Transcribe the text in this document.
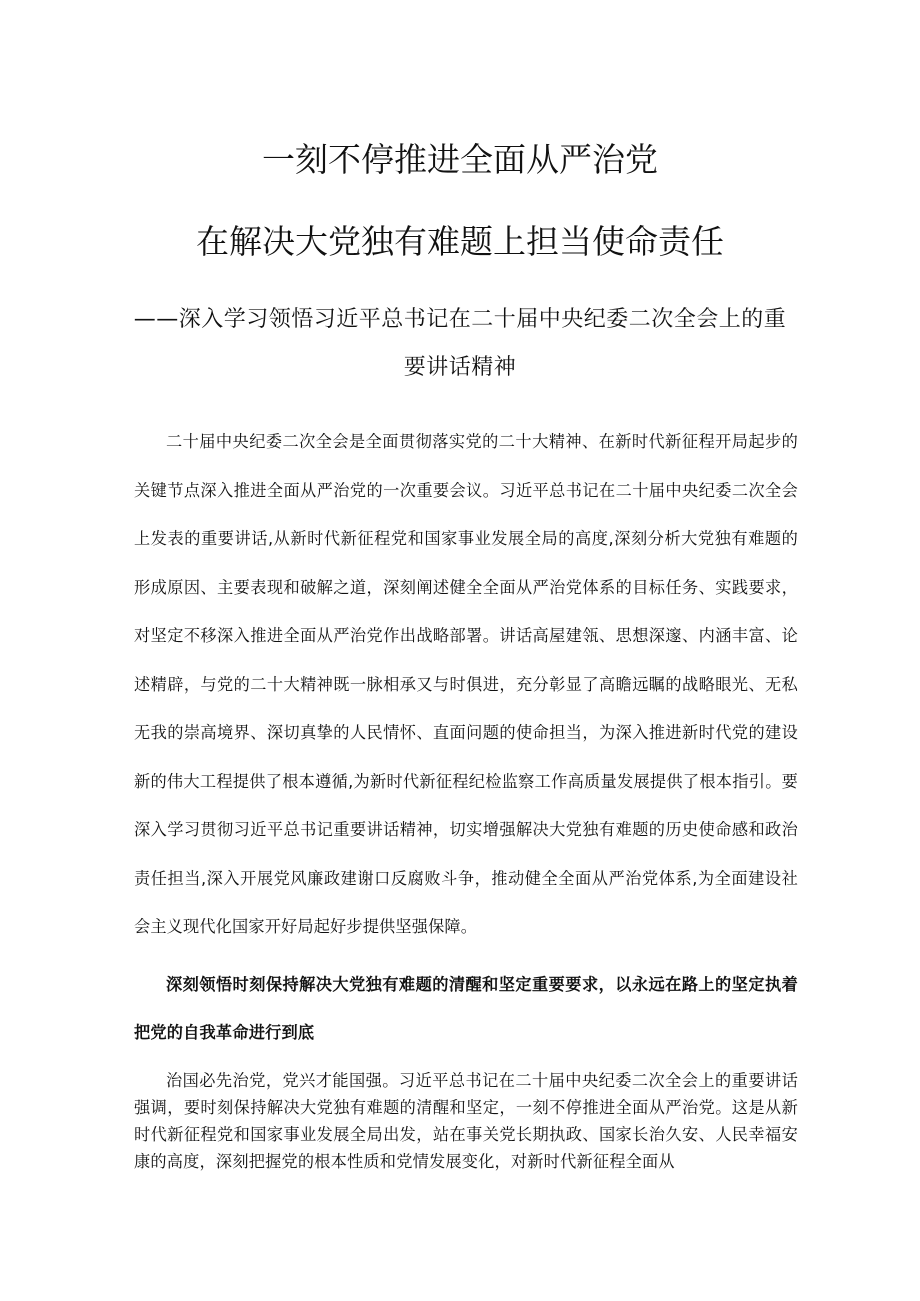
一刻不停推进全面从严治党
在解决大党独有难题上担当使命责任
——深入学习领悟习近平总书记在二十届中央纪委二次全会上的重要讲话精神

二十届中央纪委二次全会是全面贯彻落实党的二十大精神、在新时代新征程开局起步的关键节点深入推进全面从严治党的一次重要会议。习近平总书记在二十届中央纪委二次全会上发表的重要讲话,从新时代新征程党和国家事业发展全局的高度,深刻分析大党独有难题的形成原因、主要表现和破解之道，深刻阐述健全全面从严治党体系的目标任务、实践要求，对坚定不移深入推进全面从严治党作出战略部署。讲话高屋建瓴、思想深邃、内涵丰富、论述精辟，与党的二十大精神既一脉相承又与时俱进，充分彰显了高瞻远瞩的战略眼光、无私无我的崇高境界、深切真挚的人民情怀、直面问题的使命担当，为深入推进新时代党的建设新的伟大工程提供了根本遵循,为新时代新征程纪检监察工作高质量发展提供了根本指引。要深入学习贯彻习近平总书记重要讲话精神，切实增强解决大党独有难题的历史使命感和政治责任担当,深入开展党风廉政建谢口反腐败斗争，推动健全全面从严治党体系,为全面建设社会主义现代化国家开好局起好步提供坚强保障。

深刻领悟时刻保持解决大党独有难题的清醒和坚定重要要求，以永远在路上的坚定执着把党的自我革命进行到底

治国必先治党，党兴才能国强。习近平总书记在二十届中央纪委二次全会上的重要讲话强调，要时刻保持解决大党独有难题的清醒和坚定，一刻不停推进全面从严治党。这是从新时代新征程党和国家事业发展全局出发，站在事关党长期执政、国家长治久安、人民幸福安康的高度，深刻把握党的根本性质和党情发展变化，对新时代新征程全面从
